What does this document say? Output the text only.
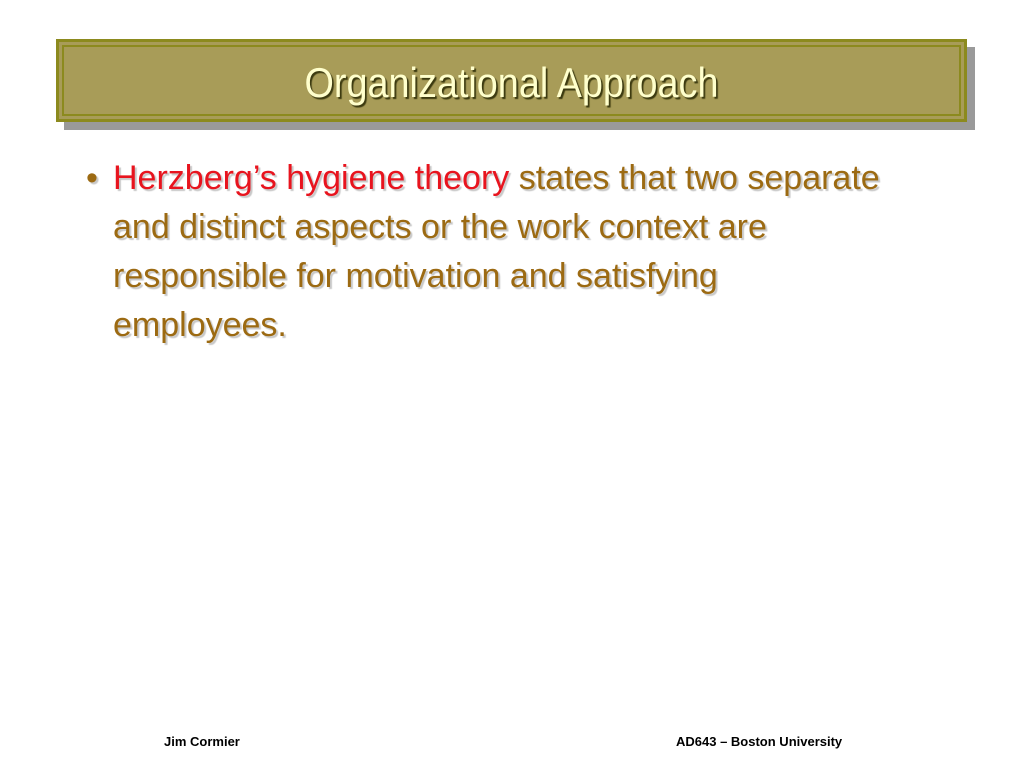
Organizational Approach
• Herzberg’s hygiene theory states that two separate and distinct aspects or the work context are responsible for motivation and satisfying employees.
Jim Cormier	AD643 – Boston University
